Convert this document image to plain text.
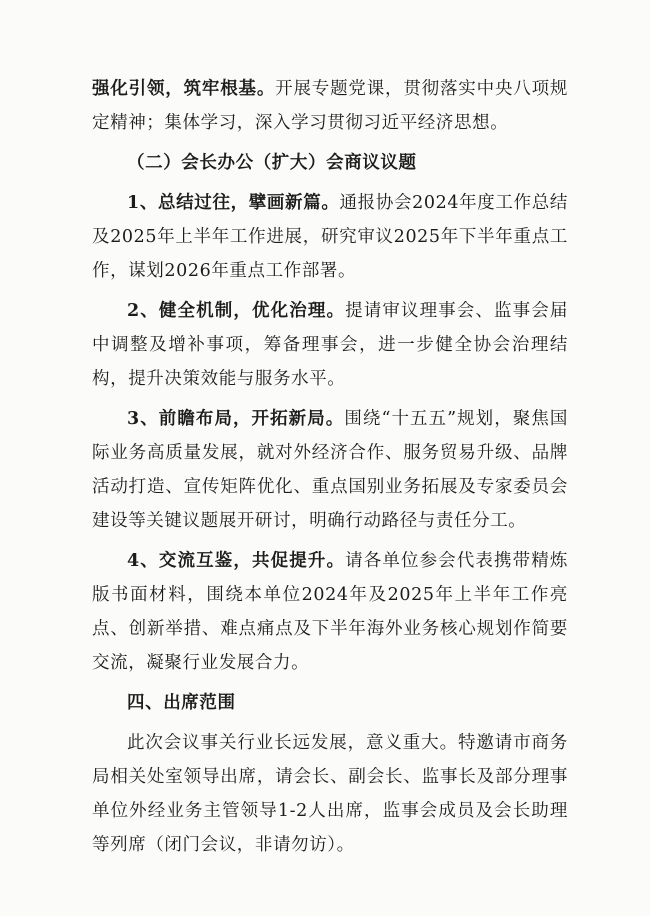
强化引领，筑牢根基。开展专题党课，贯彻落实中央八项规定精神；集体学习，深入学习贯彻习近平经济思想。

（二）会长办公（扩大）会商议议题

1、总结过往，擘画新篇。通报协会2024年度工作总结及2025年上半年工作进展，研究审议2025年下半年重点工作，谋划2026年重点工作部署。

2、健全机制，优化治理。提请审议理事会、监事会届中调整及增补事项，筹备理事会，进一步健全协会治理结构，提升决策效能与服务水平。

3、前瞻布局，开拓新局。围绕“十五五”规划，聚焦国际业务高质量发展，就对外经济合作、服务贸易升级、品牌活动打造、宣传矩阵优化、重点国别业务拓展及专家委员会建设等关键议题展开研讨，明确行动路径与责任分工。

4、交流互鉴，共促提升。请各单位参会代表携带精炼版书面材料，围绕本单位2024年及2025年上半年工作亮点、创新举措、难点痛点及下半年海外业务核心规划作简要交流，凝聚行业发展合力。

四、出席范围

此次会议事关行业长远发展，意义重大。特邀请市商务局相关处室领导出席，请会长、副会长、监事长及部分理事单位外经业务主管领导1-2人出席，监事会成员及会长助理等列席（闭门会议，非请勿访）。
